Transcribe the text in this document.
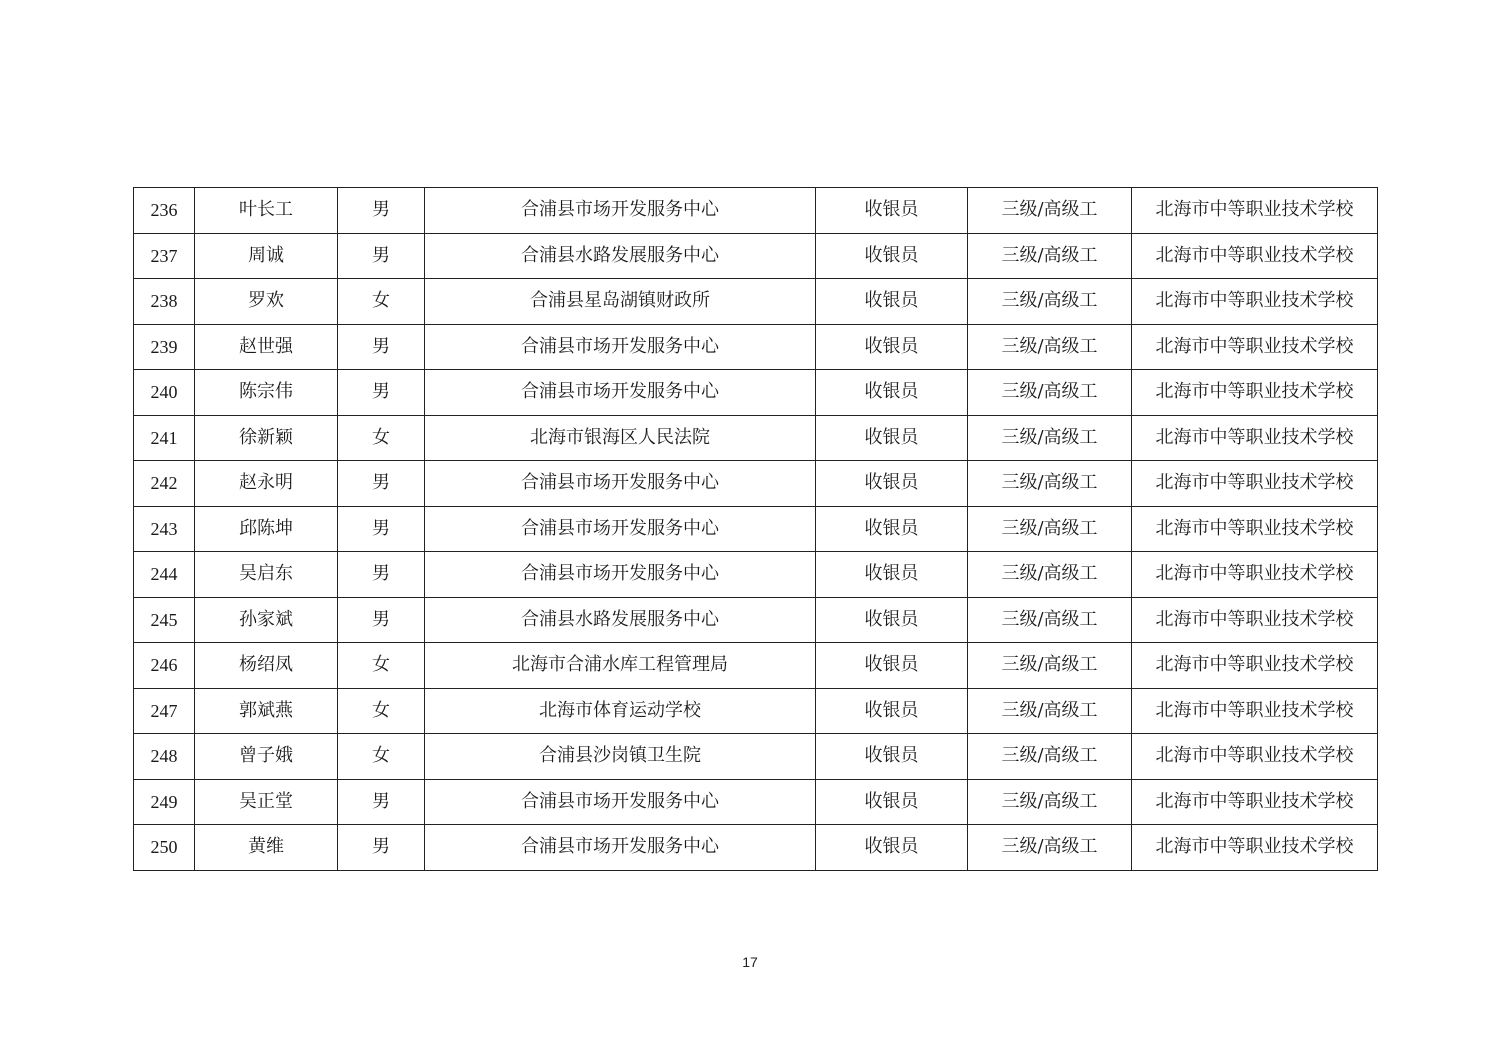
236	叶长工	男	合浦县市场开发服务中心	收银员	三级/高级工	北海市中等职业技术学校
237	周诚	男	合浦县水路发展服务中心	收银员	三级/高级工	北海市中等职业技术学校
238	罗欢	女	合浦县星岛湖镇财政所	收银员	三级/高级工	北海市中等职业技术学校
239	赵世强	男	合浦县市场开发服务中心	收银员	三级/高级工	北海市中等职业技术学校
240	陈宗伟	男	合浦县市场开发服务中心	收银员	三级/高级工	北海市中等职业技术学校
241	徐新颖	女	北海市银海区人民法院	收银员	三级/高级工	北海市中等职业技术学校
242	赵永明	男	合浦县市场开发服务中心	收银员	三级/高级工	北海市中等职业技术学校
243	邱陈坤	男	合浦县市场开发服务中心	收银员	三级/高级工	北海市中等职业技术学校
244	吴启东	男	合浦县市场开发服务中心	收银员	三级/高级工	北海市中等职业技术学校
245	孙家斌	男	合浦县水路发展服务中心	收银员	三级/高级工	北海市中等职业技术学校
246	杨绍凤	女	北海市合浦水库工程管理局	收银员	三级/高级工	北海市中等职业技术学校
247	郭斌燕	女	北海市体育运动学校	收银员	三级/高级工	北海市中等职业技术学校
248	曾子娥	女	合浦县沙岗镇卫生院	收银员	三级/高级工	北海市中等职业技术学校
249	吴正堂	男	合浦县市场开发服务中心	收银员	三级/高级工	北海市中等职业技术学校
250	黄维	男	合浦县市场开发服务中心	收银员	三级/高级工	北海市中等职业技术学校
17
